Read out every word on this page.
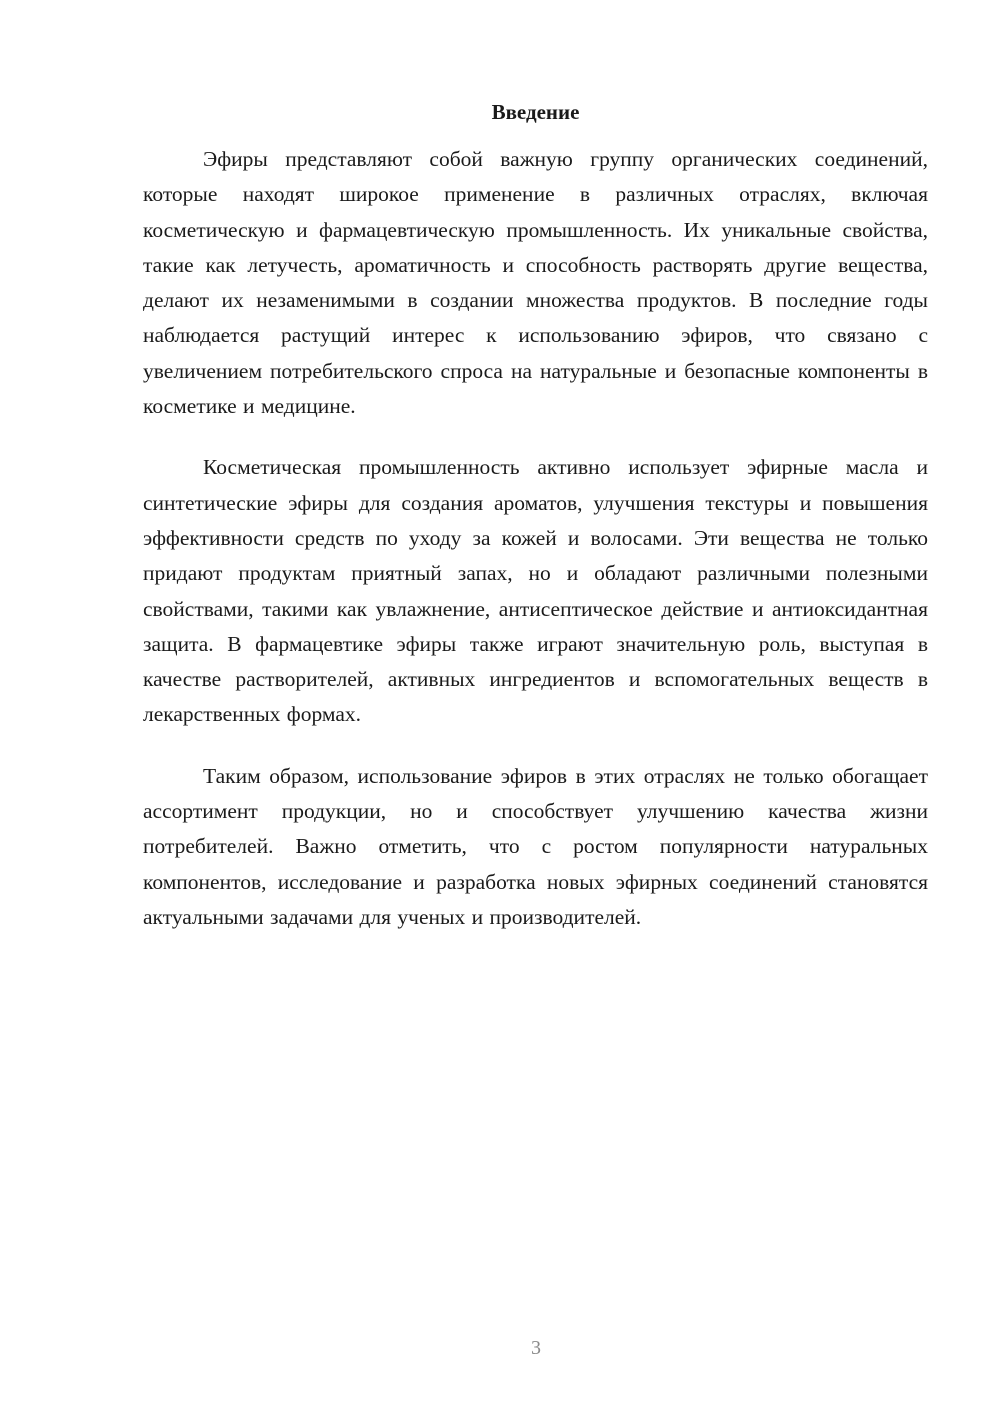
Введение

Эфиры представляют собой важную группу органических соединений, которые находят широкое применение в различных отраслях, включая косметическую и фармацевтическую промышленность. Их уникальные свойства, такие как летучесть, ароматичность и способность растворять другие вещества, делают их незаменимыми в создании множества продуктов. В последние годы наблюдается растущий интерес к использованию эфиров, что связано с увеличением потребительского спроса на натуральные и безопасные компоненты в косметике и медицине.

Косметическая промышленность активно использует эфирные масла и синтетические эфиры для создания ароматов, улучшения текстуры и повышения эффективности средств по уходу за кожей и волосами. Эти вещества не только придают продуктам приятный запах, но и обладают различными полезными свойствами, такими как увлажнение, антисептическое действие и антиоксидантная защита. В фармацевтике эфиры также играют значительную роль, выступая в качестве растворителей, активных ингредиентов и вспомогательных веществ в лекарственных формах.

Таким образом, использование эфиров в этих отраслях не только обогащает ассортимент продукции, но и способствует улучшению качества жизни потребителей. Важно отметить, что с ростом популярности натуральных компонентов, исследование и разработка новых эфирных соединений становятся актуальными задачами для ученых и производителей.

3
